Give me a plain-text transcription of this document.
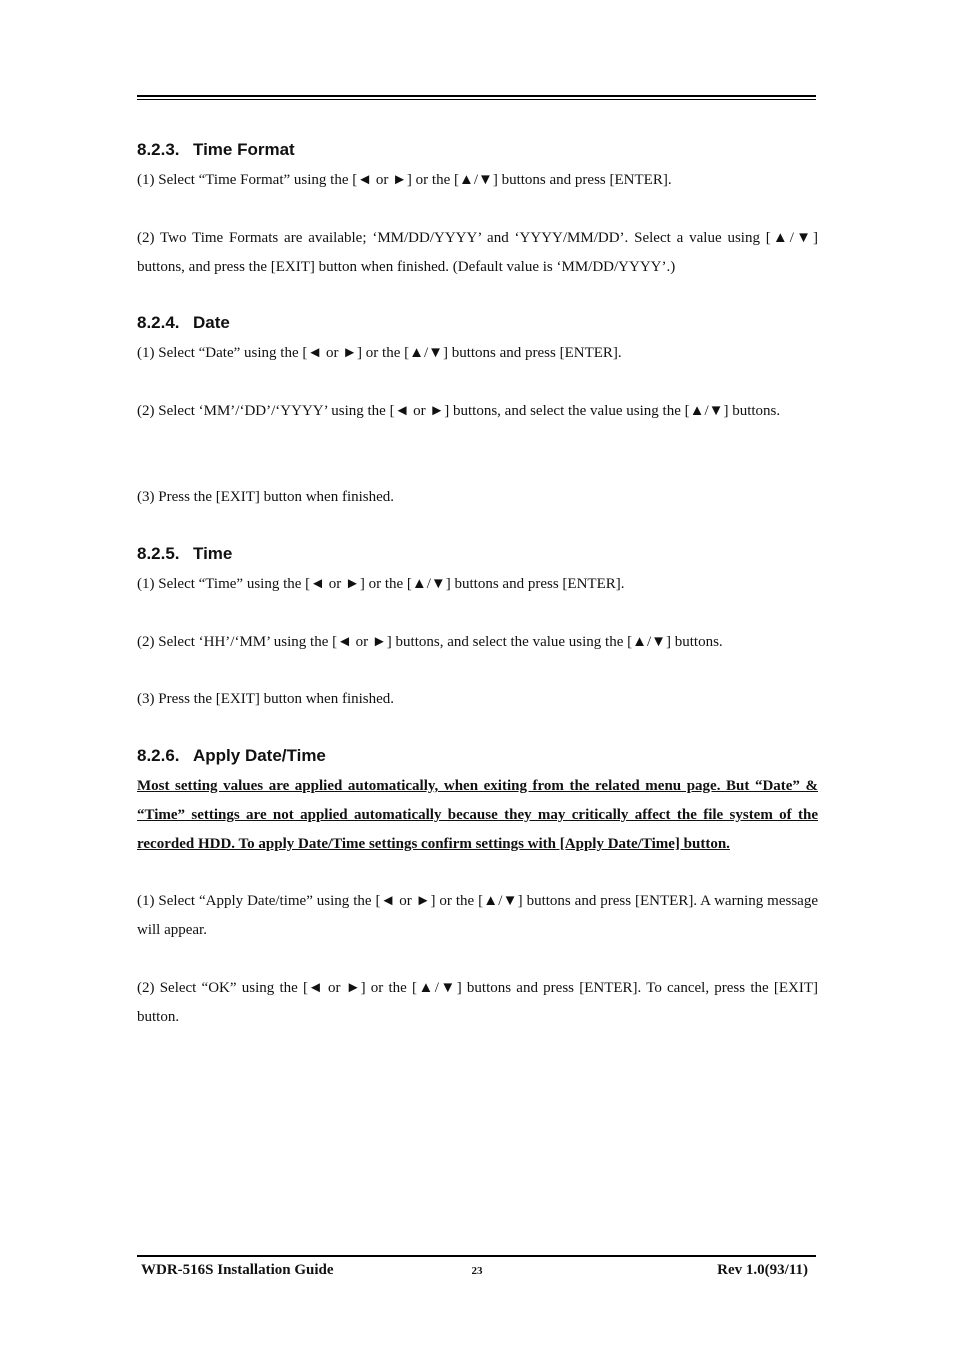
8.2.3. Time Format

(1) Select “Time Format” using the [◄ or ►] or the [▲/▼] buttons and press [ENTER].

(2) Two Time Formats are available; ‘MM/DD/YYYY’ and ‘YYYY/MM/DD’. Select a value using [▲/▼] buttons, and press the [EXIT] button when finished. (Default value is ‘MM/DD/YYYY’.)

8.2.4. Date

(1) Select “Date” using the [◄ or ►] or the [▲/▼] buttons and press [ENTER].

(2) Select ‘MM’/‘DD’/‘YYYY’ using the [◄ or ►] buttons, and select the value using the [▲/▼] buttons.

(3) Press the [EXIT] button when finished.

8.2.5. Time

(1) Select “Time” using the [◄ or ►] or the [▲/▼] buttons and press [ENTER].

(2) Select ‘HH’/‘MM’ using the [◄ or ►] buttons, and select the value using the [▲/▼] buttons.

(3) Press the [EXIT] button when finished.

8.2.6. Apply Date/Time

Most setting values are applied automatically, when exiting from the related menu page. But “Date” & “Time” settings are not applied automatically because they may critically affect the file system of the recorded HDD. To apply Date/Time settings confirm settings with [Apply Date/Time] button.

(1) Select “Apply Date/time” using the [◄ or ►] or the [▲/▼] buttons and press [ENTER]. A warning message will appear.

(2) Select “OK” using the [◄ or ►] or the [▲/▼] buttons and press [ENTER]. To cancel, press the [EXIT] button.

WDR-516S Installation Guide	23	Rev 1.0(93/11)
